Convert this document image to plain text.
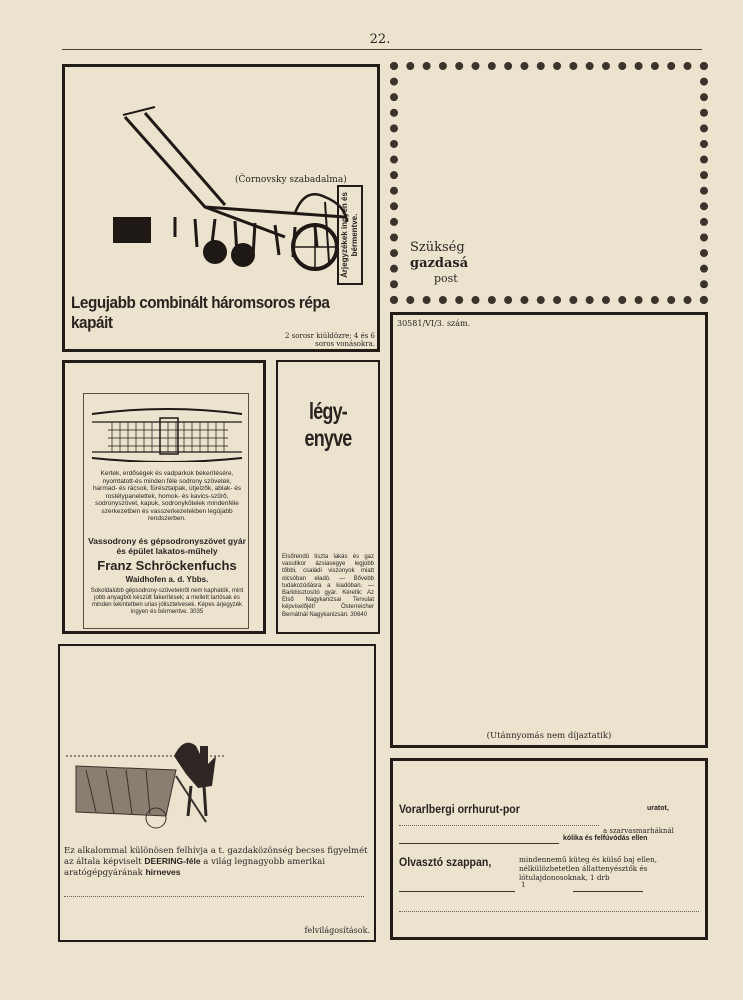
22.
(Čornovsky szabadalma)
Árjegyzékek ingyen és bérmentve.
Legujabb combinált háromsoros répa kapáit
2 sorosr kiüldözre; 4 és 6 soros vonásokra.
Szükség
gazdasá
post
Kertek, erdőségek és vadparkok bekerítésére, nyomtatott-és minden féle sodrony szövetek, harmad- és rácsok, fürésztalpak, útjelzők, ablak- és rostélypanelettek, homok- és kavics-szűrő, sodronyszövet, kapuk, sodronykötelek mindenféle szerkezetben és vasszerkezetekben legújabb rendszerben.
Vassodrony és gépsodronyszövet gyár és épület lakatos-műhely
Franz Schröckenfuchs
Waidhofen a. d. Ybbs.
Sokoldalúbb gépsodrony-szövetekről nem kaphatók, mint jobb anyagból készült fakerítések; a mellett tartósak és minden tekintetben urias jólisztelvesek. Képes árjegyzék ingyen és bérmentve. 3035
légy-enyve
Elsőrendű tiszta lakás és gaz vasutikor ázsiasegye legjobb tőbbi, családi viszonyok miatt olcsóban eladó. — Bővebb tudakozódásra a kiadóban. — Barkbisztosító gyár. Kéretik: Az Első Nagykanizsai Tervulat képviselőjét! Österreicher Bernátnál Nagykanizsán. 30640
30581/VI/3. szám.
(Utánnyomás nem díjaztatik)
Ez alkalommal különösen felhívja a t. gazdaközönség becses figyelmét az általa képviselt DEERING-féle a világ legnagyobb amerikai aratógépgyárának hirneves
felvilágosítások.
Vorarlbergi orrhurut-por	uratot,
a szarvasmarháknál
kólika és felfúvódás ellen
Olvasztó szappan,	mindennemű küteg és külső baj ellen, nélkülözhetetlen állattenyésztők és lótulajdonosoknak, 1 drb
1
